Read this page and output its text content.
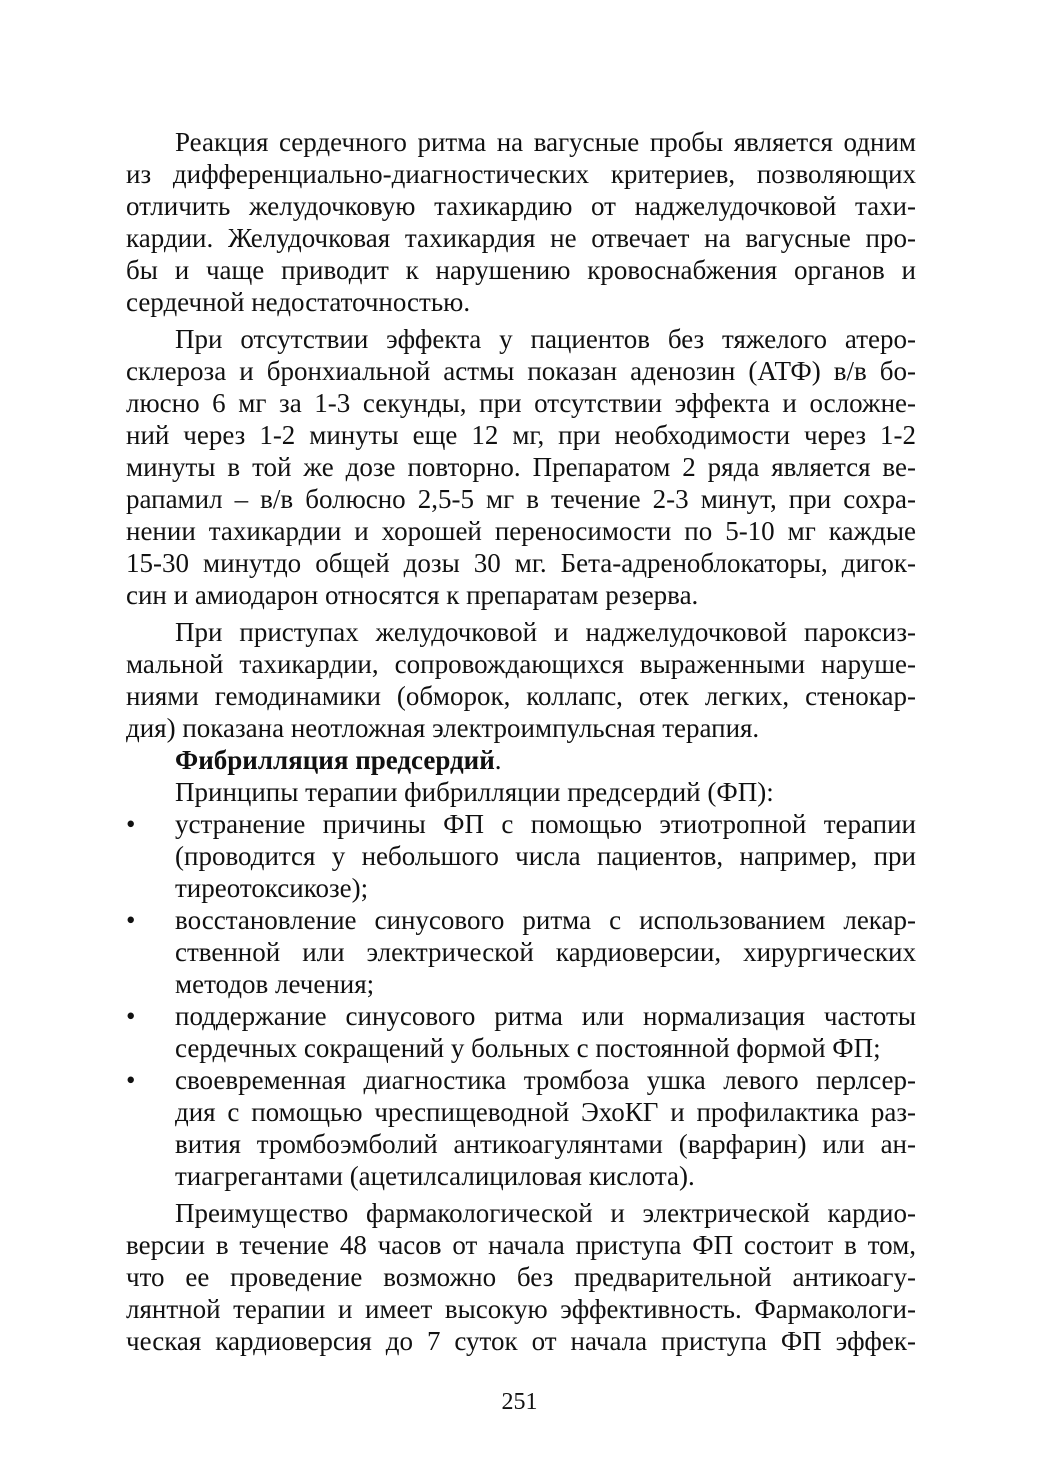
Реакция сердечного ритма на вагусные пробы является одним
из дифференциально-диагностических критериев, позволяющих
отличить желудочковую тахикардию от наджелудочковой тахи-
кардии. Желудочковая тахикардия не отвечает на вагусные про-
бы и чаще приводит к нарушению кровоснабжения органов и
сердечной недостаточностью.
При отсутствии эффекта у пациентов без тяжелого атеро-
склероза и бронхиальной астмы показан аденозин (АТФ) в/в бо-
люсно 6 мг за 1-3 секунды, при отсутствии эффекта и осложне-
ний через 1-2 минуты еще 12 мг, при необходимости через 1-2
минуты в той же дозе повторно. Препаратом 2 ряда является ве-
рапамил – в/в болюсно 2,5-5 мг в течение 2-3 минут, при сохра-
нении тахикардии и хорошей переносимости по 5-10 мг каждые
15-30 минутдо общей дозы 30 мг. Бета-адреноблокаторы, дигок-
син и амиодарон относятся к препаратам резерва.
При приступах желудочковой и наджелудочковой пароксиз-
мальной тахикардии, сопровождающихся выраженными наруше-
ниями гемодинамики (обморок, коллапс, отек легких, стенокар-
дия) показана неотложная электроимпульсная терапия.
Фибрилляция предсердий.
Принципы терапии фибрилляции предсердий (ФП):
•	устранение причины ФП с помощью этиотропной терапии
(проводится у небольшого числа пациентов, например, при
тиреотоксикозе);
•	восстановление синусового ритма с использованием лекар-
ственной или электрической кардиоверсии, хирургических
методов лечения;
•	поддержание синусового ритма или нормализация частоты
сердечных сокращений у больных с постоянной формой ФП;
•	своевременная диагностика тромбоза ушка левого перлсер-
дия с помощью чреспищеводной ЭхоКГ и профилактика раз-
вития тромбоэмболий антикоагулянтами (варфарин) или ан-
тиагрегантами (ацетилсалициловая кислота).
Преимущество фармакологической и электрической кардио-
версии в течение 48 часов от начала приступа ФП состоит в том,
что ее проведение возможно без предварительной антикоагу-
лянтной терапии и имеет высокую эффективность. Фармакологи-
ческая кардиоверсия до 7 суток от начала приступа ФП эффек-
251
